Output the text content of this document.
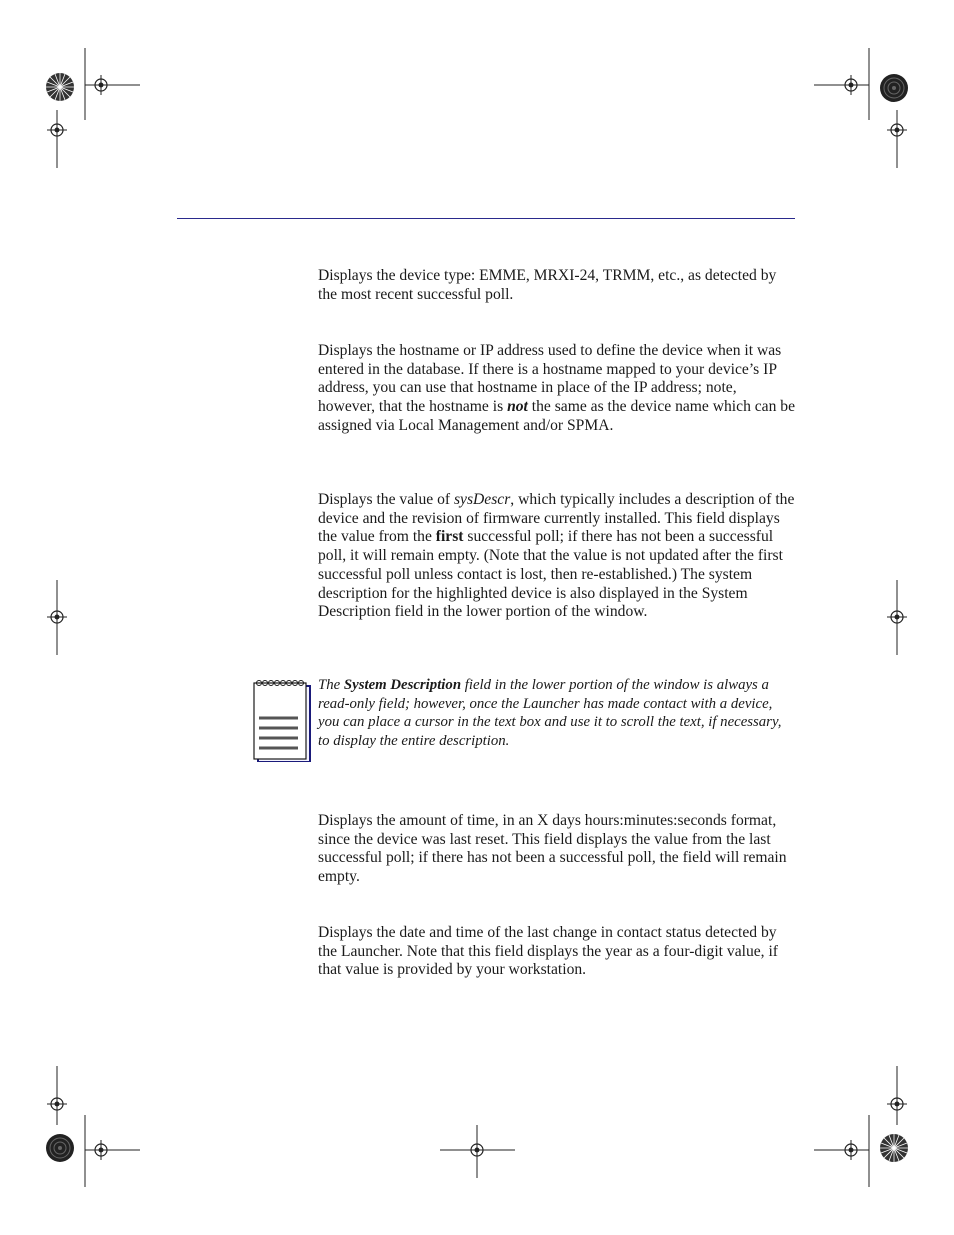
Displays the device type: EMME, MRXI-24, TRMM, etc., as detected by the most recent successful poll.

Displays the hostname or IP address used to define the device when it was entered in the database. If there is a hostname mapped to your device’s IP address, you can use that hostname in place of the IP address; note, however, that the hostname is not the same as the device name which can be assigned via Local Management and/or SPMA.

Displays the value of sysDescr, which typically includes a description of the device and the revision of firmware currently installed. This field displays the value from the first successful poll; if there has not been a successful poll, it will remain empty. (Note that the value is not updated after the first successful poll unless contact is lost, then re-established.) The system description for the highlighted device is also displayed in the System Description field in the lower portion of the window.

The System Description field in the lower portion of the window is always a read-only field; however, once the Launcher has made contact with a device, you can place a cursor in the text box and use it to scroll the text, if necessary, to display the entire description.

Displays the amount of time, in an X days hours:minutes:seconds format, since the device was last reset. This field displays the value from the last successful poll; if there has not been a successful poll, the field will remain empty.

Displays the date and time of the last change in contact status detected by the Launcher. Note that this field displays the year as a four-digit value, if that value is provided by your workstation.
